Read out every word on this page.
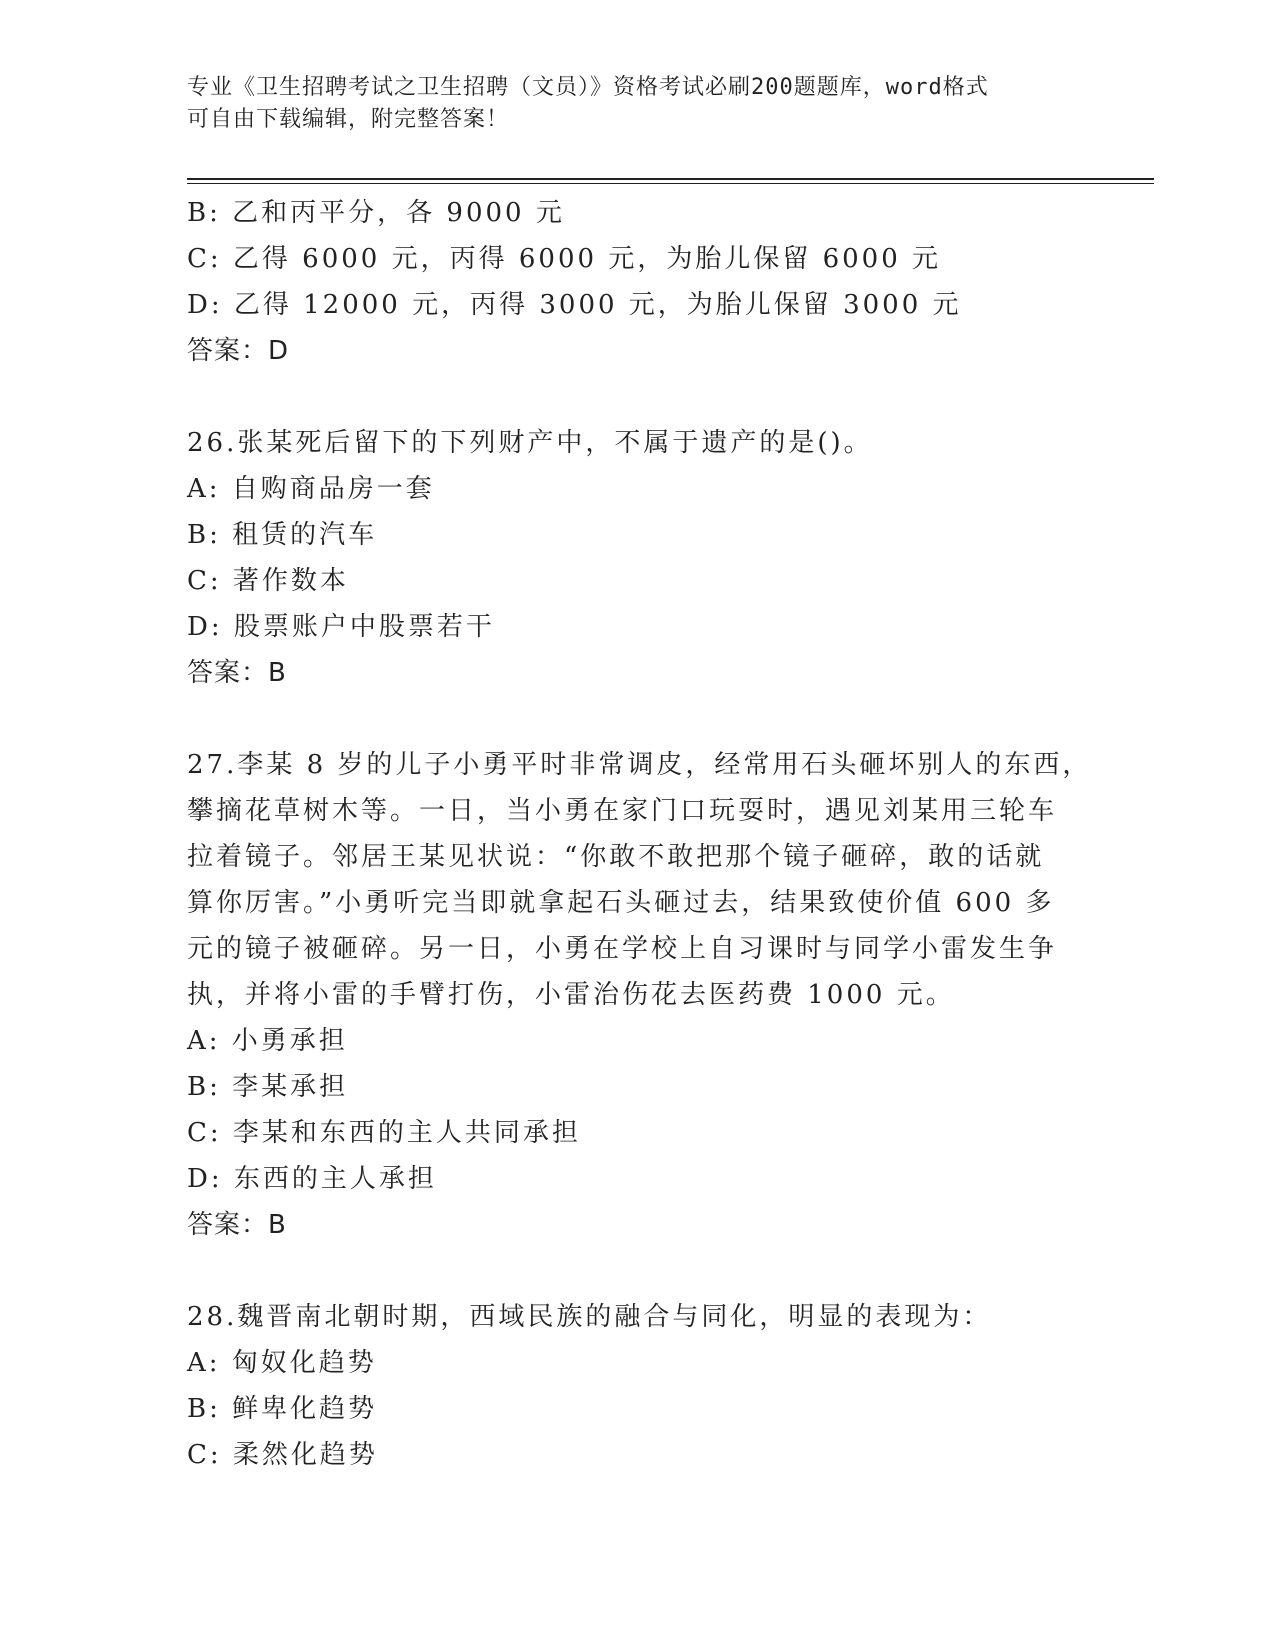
专业《卫生招聘考试之卫生招聘（文员）》资格考试必刷200题题库，word格式
可自由下载编辑，附完整答案！

B: 乙和丙平分，各 9000 元

C: 乙得 6000 元，丙得 6000 元，为胎儿保留 6000 元

D: 乙得 12000 元，丙得 3000 元，为胎儿保留 3000 元

答案：D

26.张某死后留下的下列财产中，不属于遗产的是()。

A: 自购商品房一套

B: 租赁的汽车

C: 著作数本

D: 股票账户中股票若干

答案：B

27.李某 8 岁的儿子小勇平时非常调皮，经常用石头砸坏别人的东西，

攀摘花草树木等。一日，当小勇在家门口玩耍时，遇见刘某用三轮车

拉着镜子。邻居王某见状说：“你敢不敢把那个镜子砸碎，敢的话就

算你厉害。”小勇听完当即就拿起石头砸过去，结果致使价值 600 多

元的镜子被砸碎。另一日，小勇在学校上自习课时与同学小雷发生争

执，并将小雷的手臂打伤，小雷治伤花去医药费 1000 元。

A: 小勇承担

B: 李某承担

C: 李某和东西的主人共同承担

D: 东西的主人承担

答案：B

28.魏晋南北朝时期，西域民族的融合与同化，明显的表现为：

A: 匈奴化趋势

B: 鲜卑化趋势

C: 柔然化趋势
